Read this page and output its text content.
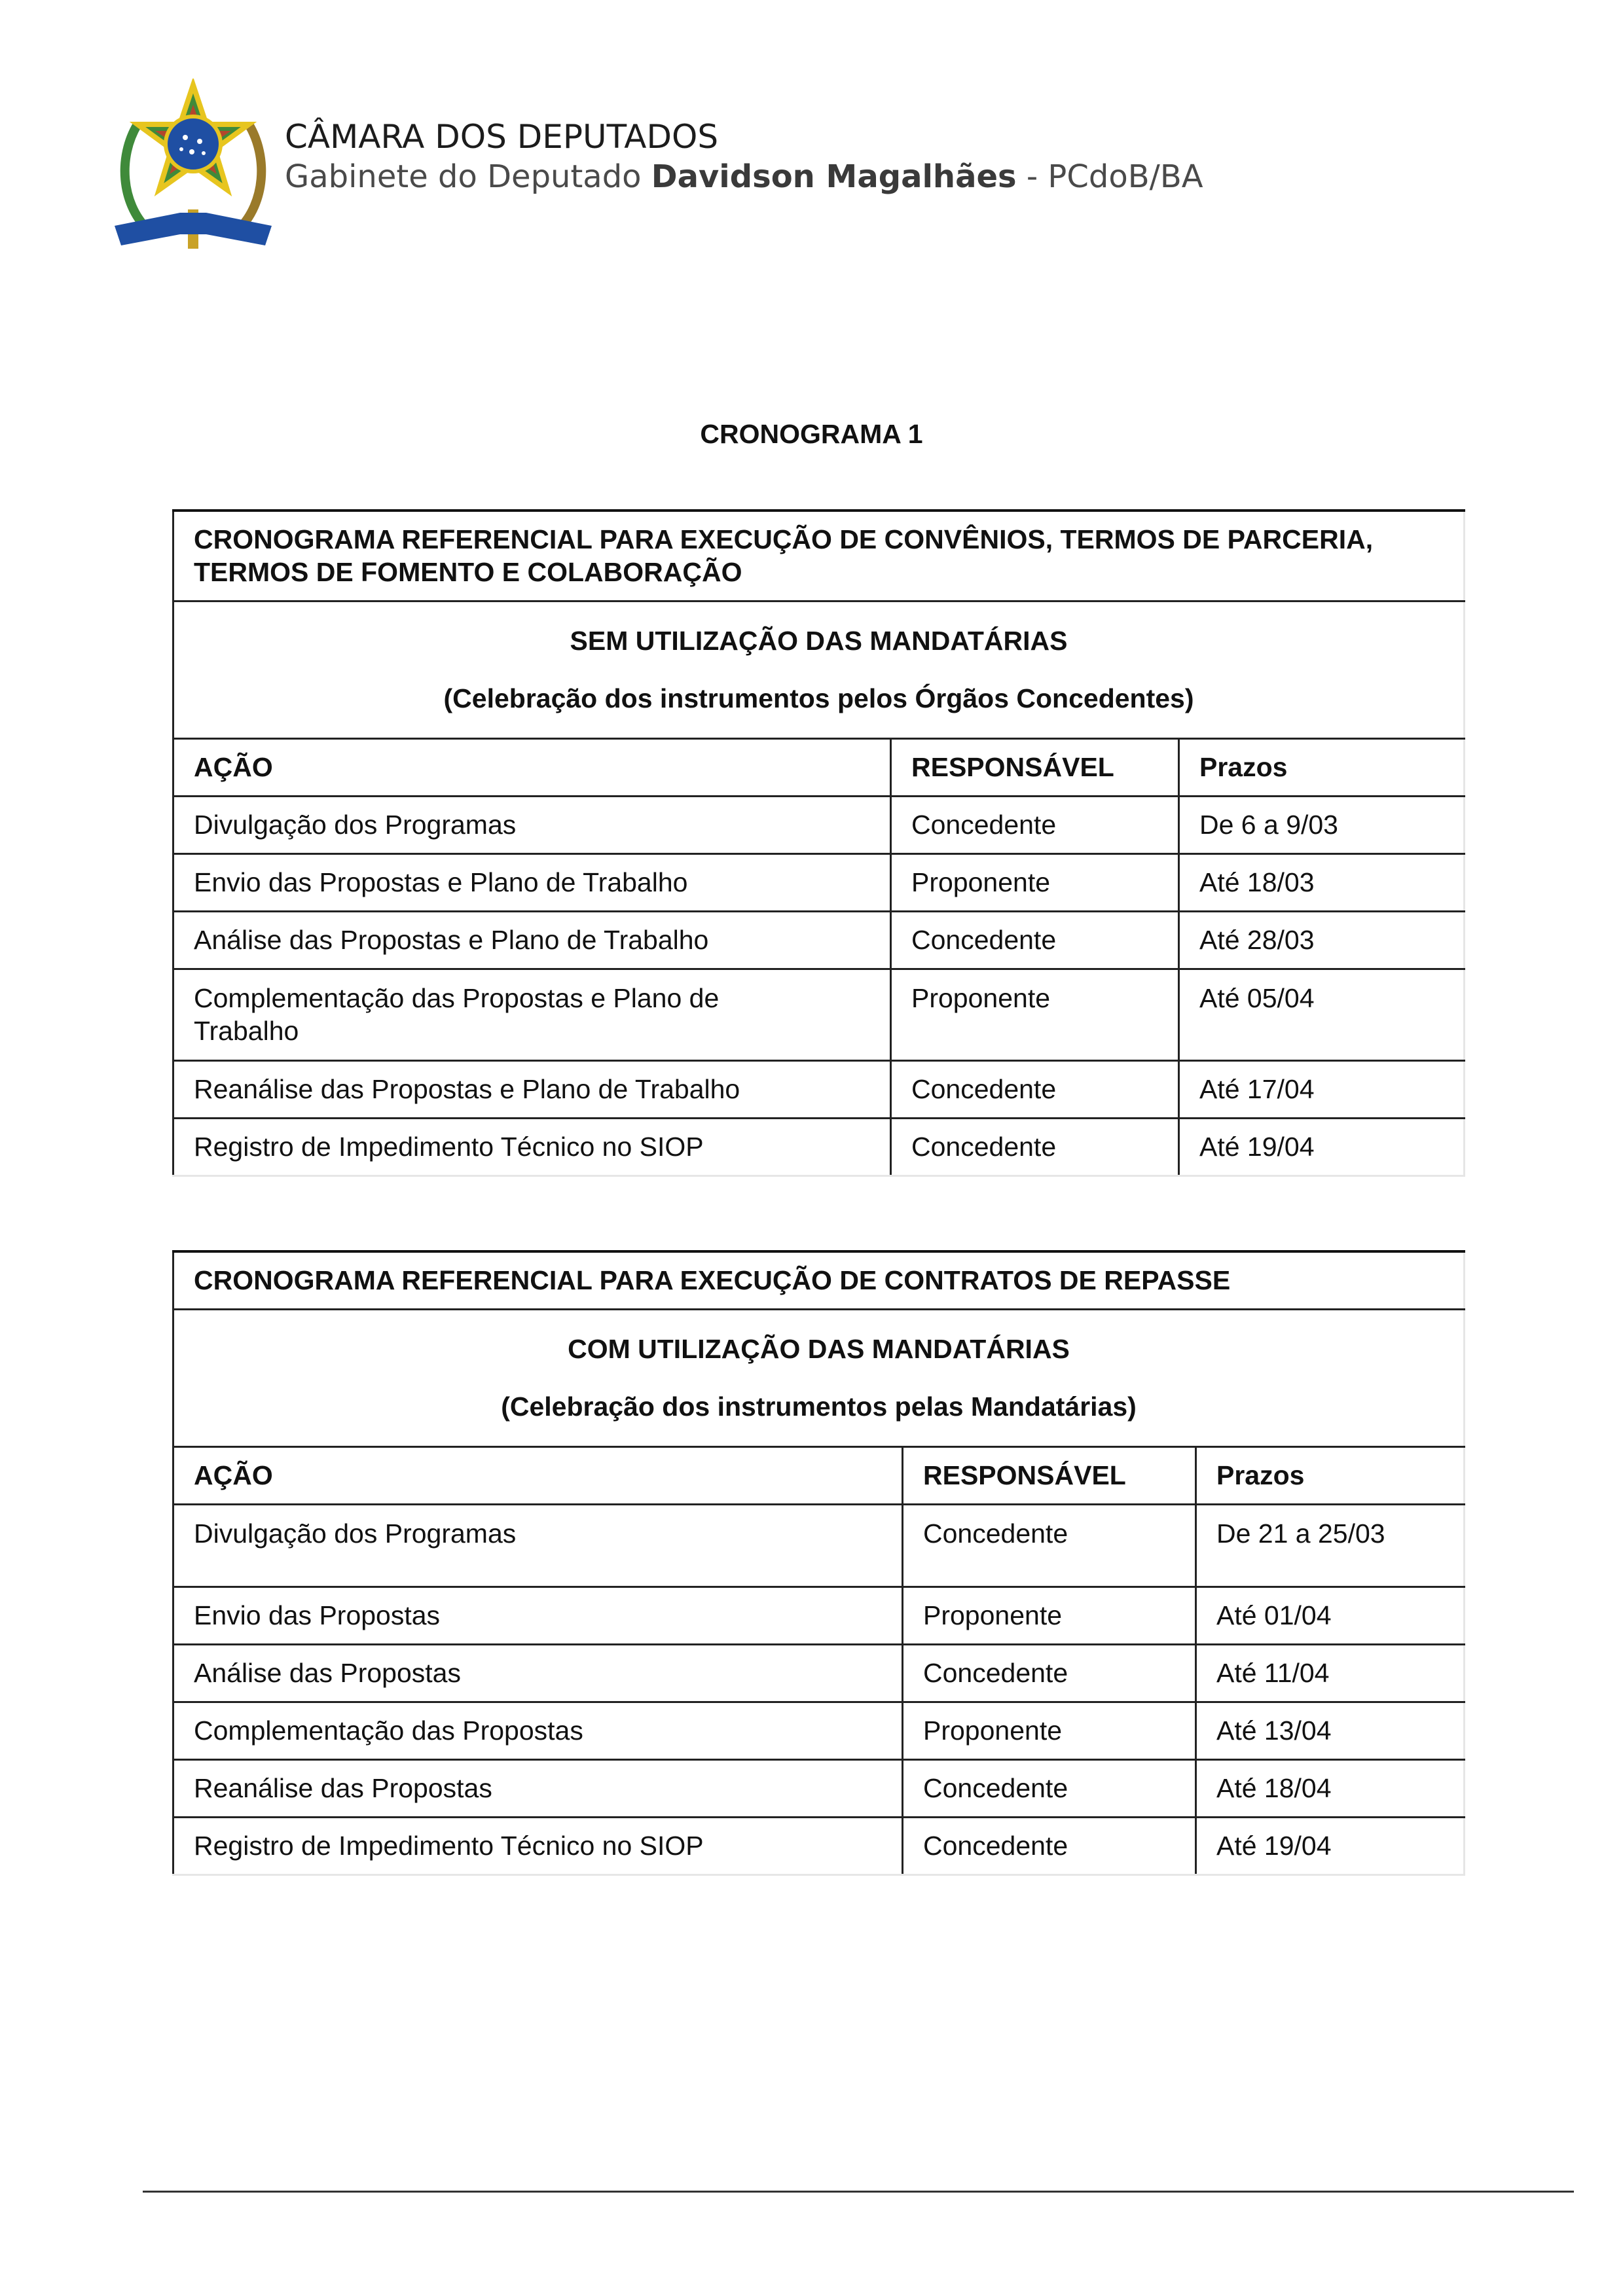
CÂMARA DOS DEPUTADOS
Gabinete do Deputado Davidson Magalhães - PCdoB/BA
CRONOGRAMA 1
CRONOGRAMA REFERENCIAL PARA EXECUÇÃO DE CONVÊNIOS, TERMOS DE PARCERIA, TERMOS DE FOMENTO E COLABORAÇÃO		

SEM UTILIZAÇÃO DAS MANDATÁRIAS
(Celebração dos instrumentos pelos Órgãos Concedentes)		

AÇÃO	RESPONSÁVEL	Prazos
Divulgação dos Programas	Concedente	De 6 a 9/03
Envio das Propostas e Plano de Trabalho	Proponente	Até 18/03
Análise das Propostas e Plano de Trabalho	Concedente	Até 28/03
Complementação das Propostas e Plano de Trabalho	Proponente	Até 05/04
Reanálise das Propostas e Plano de Trabalho	Concedente	Até 17/04
Registro de Impedimento Técnico no SIOP	Concedente	Até 19/04
CRONOGRAMA REFERENCIAL PARA EXECUÇÃO DE CONTRATOS DE REPASSE		

COM UTILIZAÇÃO DAS MANDATÁRIAS
(Celebração dos instrumentos pelas Mandatárias)		

AÇÃO	RESPONSÁVEL	Prazos
Divulgação dos Programas	Concedente	De 21 a 25/03
Envio das Propostas	Proponente	Até 01/04
Análise das Propostas	Concedente	Até 11/04
Complementação das Propostas	Proponente	Até 13/04
Reanálise das Propostas	Concedente	Até 18/04
Registro de Impedimento Técnico no SIOP	Concedente	Até 19/04
